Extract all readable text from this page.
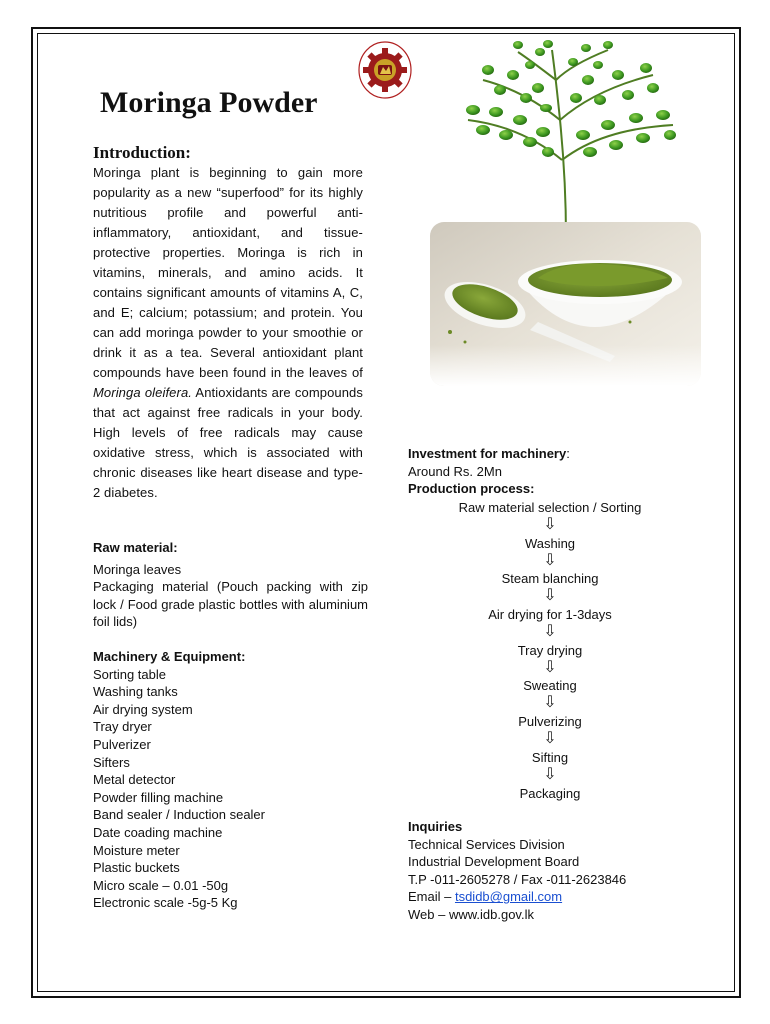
Moringa Powder
Introduction:

Moringa plant is beginning to gain more popularity as a new “superfood” for its highly nutritious profile and powerful anti-inflammatory, antioxidant, and tissue-protective properties. Moringa is rich in vitamins, minerals, and amino acids. It contains significant amounts of vitamins A, C, and E; calcium; potassium; and protein. You can add moringa powder to your smoothie or drink it as a tea. Several antioxidant plant compounds have been found in the leaves of Moringa oleifera. Antioxidants are compounds that act against free radicals in your body. High levels of free radicals may cause oxidative stress, which is associated with chronic diseases like heart disease and type- 2 diabetes.

Raw material:

Moringa leaves

Packaging material (Pouch packing with zip lock / Food grade plastic bottles with aluminium foil lids)

Machinery & Equipment:
Sorting table
Washing tanks
Air drying system
Tray dryer
Pulverizer
Sifters
Metal detector
Powder filling machine
Band sealer / Induction sealer
Date coading machine
Moisture meter
Plastic buckets
Micro scale – 0.01 -50g
Electronic scale -5g-5 Kg
Investment for machinery:
Around Rs. 2Mn
Production process:
Raw material selection / Sorting
⇩
Washing
⇩
Steam blanching
⇩
Air drying for 1-3days
⇩
Tray drying
⇩
Sweating
⇩
Pulverizing
⇩
Sifting
⇩
Packaging
Inquiries
Technical Services Division
Industrial Development Board
T.P -011-2605278 / Fax -011-2623846
Email – tsdidb@gmail.com
Web – www.idb.gov.lk
